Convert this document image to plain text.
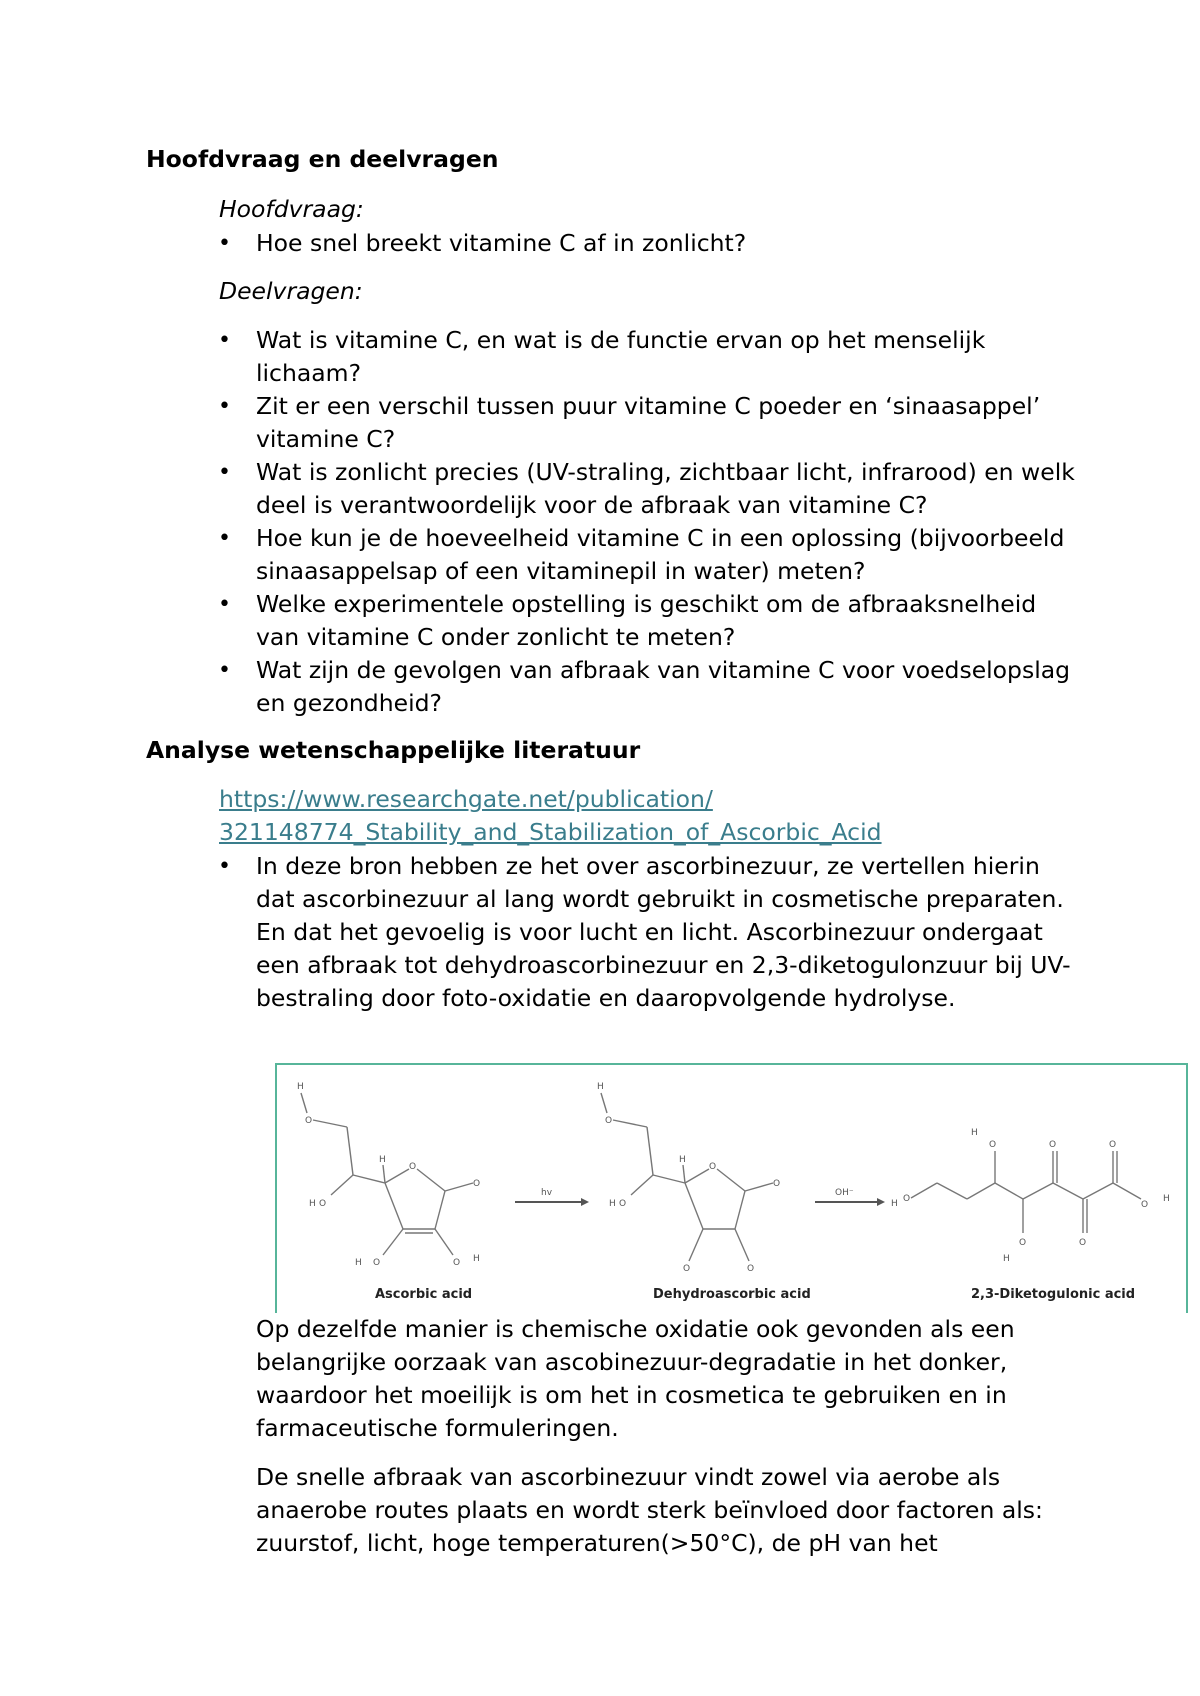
Hoofdvraag en deelvragen
Hoofdvraag:
• Hoe snel breekt vitamine C af in zonlicht?
Deelvragen:
• Wat is vitamine C, en wat is de functie ervan op het menselijk lichaam?
• Zit er een verschil tussen puur vitamine C poeder en ‘sinaasappel’ vitamine C?
• Wat is zonlicht precies (UV-straling, zichtbaar licht, infrarood) en welk deel is verantwoordelijk voor de afbraak van vitamine C?
• Hoe kun je de hoeveelheid vitamine C in een oplossing (bijvoorbeeld sinaasappelsap of een vitaminepil in water) meten?
• Welke experimentele opstelling is geschikt om de afbraaksnelheid van vitamine C onder zonlicht te meten?
• Wat zijn de gevolgen van afbraak van vitamine C voor voedselopslag en gezondheid?
Analyse wetenschappelijke literatuur
https://www.researchgate.net/publication/
321148774_Stability_and_Stabilization_of_Ascorbic_Acid
• In deze bron hebben ze het over ascorbinezuur, ze vertellen hierin dat ascorbinezuur al lang wordt gebruikt in cosmetische preparaten. En dat het gevoelig is voor lucht en licht. Ascorbinezuur ondergaat een afbraak tot dehydroascorbinezuur en 2,3-diketogulonzuur bij UV-bestraling door foto-oxidatie en daaropvolgende hydrolyse.
H
O
O
H
H
O
O
O
H	O H
Ascorbic acid
hv
H
O
O
H
H
O
O
O	O
Dehydroascorbic acid
OH⁻
H O
O
H
O
H
O
O
O
O
H
2,3-Diketogulonic acid
Op dezelfde manier is chemische oxidatie ook gevonden als een belangrijke oorzaak van ascobinezuur-degradatie in het donker, waardoor het moeilijk is om het in cosmetica te gebruiken en in farmaceutische formuleringen.
De snelle afbraak van ascorbinezuur vindt zowel via aerobe als anaerobe routes plaats en wordt sterk beïnvloed door factoren als: zuurstof, licht, hoge temperaturen(>50°C), de pH van het
